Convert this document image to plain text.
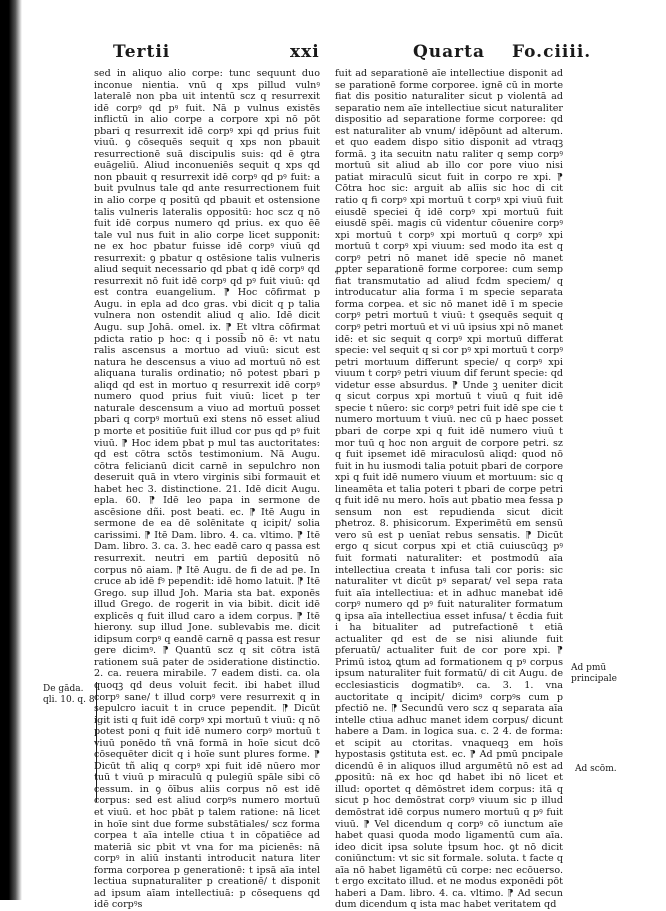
Tertii	xxi	Quarta Fo.ciiii.

sed in aliquo alio corpe: tunc sequunt duo inconue nientia. vnū q xps pillud vulnꝰ lateralē non pba uit intentū scz q resurrexit idē corpꝰ qd pꝰ fuit. Nā p vulnus existēs inflictū in alio corpe a corpore xpi nō pōt pbari q resurrexit idē corpꝰ xpi qd prius fuit viuū. ꝯ cōsequēs sequit q xps non pbauit resurrectionē suā discipulis suis: qd ē ꝯtra euāgeliū. Aliud inconueniēs sequit q xps qd non pbauit q resurrexit idē corpꝰ qd pꝰ fuit: a buit pvulnus tale qd ante resurrectionem fuit in alio corpe q positū qd pbauit et ostensione talis vulneris lateralis oppositū: hoc scz q nō fuit idē corpus numero qd prius. ex quo ēē tale vul nus fuit in alio corpe licet supponit: ne ex hoc pbatur fuisse idē corpꝰ viuū qd resurrexit: ꝯ pbatur q ostēsione talis vulneris aliud sequit necessario qd pbat q idē corpꝰ qd resurrexit nō fuit idē corpꝰ qd pꝰ fuit viuū: qd est contra euangelium. ⁋ Hoc cōfirmat p Augu. in epla ad dco gras. vbi dicit q p talia vulnera non ostendit aliud q alio. Idē dicit Augu. sup Johā. omel. ix. ⁋ Et vltra cōfirmat pdicta ratio p hoc: q i possib̄ nō ē: vt natu ralis ascensus a mortuo ad viuū: sicut est natura he descensus a viuo ad mortuū nō est aliquana turalis ordinatio; nō potest pbari p aliqd qd est in mortuo q resurrexit idē corpꝰ numero quod prius fuit viuū: licet p ter naturale descensum a viuo ad mortuū posset pbari q corpꝰ mortuū exi stens nō esset aliud p morte et positiūe fuit illud cor pus qd pꝰ fuit viuū. ⁋ Hoc idem pbat p mul tas auctoritates: qd est cōtra sctōs testimonium. Nā Augu. cōtra felicianū dicit carnē in sepulchro non deseruit quā in vtero virginis sibi formauit et habet hec 3. distinctione. 21. Idē dicit Augu. epla. 60. ⁋ Idē leo papa in sermone de ascēsione dñi. post beati. ec. ⁋ Itē Augu in sermone de ea dē solēnitate q icipit/ solia carissimi. ⁋ Itē Dam. libro. 4. ca. vltimo. ⁋ Itē Dam. libro. 3. ca. 3. hec eadē caro q passa est resurrexit. neutri em partiū depositū nō corpus nō aiam. ⁋ Itē Augu. de fi de ad pe. In cruce ab idē fꝰ pependit: idē homo latuit. ⁋ Itē Grego. sup illud Joh. Maria sta bat. exponēs illud Grego. de rogerit in via bibit. dicit idē explicēs q fuit illud caro a idem corpus. ⁋ Itē hierony. sup illud Jone. sublevabis me. dicit idipsum corpꝰ q eandē carnē q passa est resur gere dicimꝰ. ⁋ Quantū scz q sit cōtra istā rationem suā pater de ɔsideratione distinctio. 2. ca. reuera mirabile. 7 eadem disti. ca. ola quoqꝫ qd deus voluit fecit. ibi habet illud corpꝰ sane/ t illud corpꝰ vere resurrexit q in sepulcro iacuit t in cruce pependit. ⁋ Dicūt igit isti q fuit idē corpꝰ xpi mortuū t viuū: q nō potest poni q fuit idē numero corpꝰ mortuū t viuū ponēdo tñ vnā formā in hoīe sicut dcō cōsequēter dicit q i hoīe sunt plures forme. ⁋ Dicūt tñ aliq q corpꝰ xpi fuit idē nūero mor tuū t viuū p miraculū q pulegiū spāle sibi cō cessum. in ꝯ ōībus aliis corpus nō est idē corpus: sed est aliud corpꝰs numero mortuū et viuū. et hoc pbāt p talem ratione: nā licet in hoīe sint due forme substātiales/ scz forma corpea t aīa intelle ctiua t in cōpatiēce ad materiā sic pbit vt vna for ma picienēs: nā corpꝰ in aliū instanti introducit natura liter forma corporea p generationē: t ipsā aīa intel lectiua supnaturaliter p creationē/ t disponit ad ipsum aīam intellectiuā: p cōsequens qd idē corpꝰs

fuit ad separationē aīe intellectiue disponit ad se parationē forme corporee. ignē cū in morte fiat dis positio naturaliter sicut p violentā ad separatio nem aīe intellectiue sicut naturaliter dispositio ad separatione forme corporee: qd est naturaliter ab vnum/ idēpōunt ad alterum. et quo eadem dispo sitio disponit ad vtraqꝫ formā. ꝫ ita secuitn natu raliter q semp corpꝰ mortuū sit aliud ab illo cor pore viuo nisi patiat miraculū sicut fuit in corpo re xpi. ⁋ Cōtra hoc sic: arguit ab alīis sic hoc di cit ratio q fi corpꝰ xpi mortuū t corpꝰ xpi viuū fuit eiusdē speciei q̄ idē corpꝰ xpi mortuū fuit eiusdē spēi. magis cū videntur cōuenire corpꝰ xpi mortuū t corpꝰ xpi mortuū q corpꝰ xpi mortuū t corpꝰ xpi viuum: sed modo ita est q corpꝰ petri nō manet idē specie nō manet ꝓpter separationē forme corporee: cum semp fiat transmutatio ad aliud fcdm speciem/ q introducatur alia forma ī m specie separata forma corpea. et sic nō manet idē ī m specie corpꝰ petri mortuū t viuū: t ꝯsequēs sequit q corpꝰ petri mortuū et vi uū ipsius xpi nō manet idē: et sic sequit q corpꝰ xpi mortuū differat specie: vel sequit q si cor pꝰ xpi mortuū t corpꝰ petri mortuum differunt specie/ q corpꝰ xpi viuum t corpꝰ petri viuum dif ferunt specie: qd videtur esse absurdus. ⁋ Unde ꝫ ueniter dicit q sicut corpus xpi mortuū t viuū q fuit idē specie t nūero: sic corpꝰ petri fuit idē spe cie t numero mortuum t viuū. nec cū p haec posset pbari de corpe xpi q fuit idē numero viuū t mor tuū q hoc non arguit de corpore petri. sz q fuit ipsemet idē miraculosū aliqd: quod nō fuit in hu iusmodi talia potuit pbari de corpore xpi q fuit idē numero viuum et mortuum: sic q lineamēta et talia poteri t pbari de corpe petri q fuit idē nu mero. hoīs aut pbatio mea fessa p sensum non est repudienda sicut dicit pħetroz. 8. phisicorum. Experimētū em sensū vero sū est p uenīat rebus sensatis. ⁋ Dicūt ergo q sicut corpus xpi et ctiā cuiuscūqꝫ pꝰ fuit formati naturaliter: et postmodū aīa intellectiua creata t infusa tali cor poris: sic naturaliter vt dicūt pꝰ separat/ vel sepa rata fuit aīa intellectiua: et in adhuc manebat idē corpꝰ numero qd pꝰ fuit naturaliter formatum ꝗ ipsa aīa intellectiua esset infusa/ t ēcdia fuit i ha bitualiter ad putrefactionē t etiā actualiter qd est de se nisi aliunde fuit pferuatū/ actualiter fuit de cor pore xpi. ⁋ Primū istoꝝ ꝗtum ad formationem q pꝰ corpus ipsum naturaliter fuit formatū/ di cit Augu. de ecclesiasticis dogmatibꝰ. ca. 3. 1. vna auctoritate q incipit/ dicimꝰ corpꝰs cum p pfectiō ne. ⁋ Secundū vero scz q separata aīa intelle ctiua adhuc manet idem corpus/ dicunt habere a Dam. in logica sua. c. 2 4. de forma: et scipit au ctoritas. vnaqueqꝫ em hoīs hypostasis ꝯstituta est. ec. ⁋ Ad pmū pncipale dicendū ē in aliquos illud argumētū nō est ad ꝓpositū: nā ex hoc qd habet ibi nō licet et illud: oportet q dēmōstret idem corpus: itā q sicut p hoc demōstrat corpꝰ viuum sic p illud demōstrat idē corpus numero mortuū q pꝰ fuit viuū. ⁋ Vel dicendum q corpꝰ cō iunctum aīe habet quasi quoda modo ligamentū cum aīa. ideo dicit ipsa solute ṫpsum hoc. ꝯt nō dicit coniūnctum: vt sic sit formale. soluta. t facte q aīa nō habet ligamētū cū corpe: nec ecōuerso. t ergo excitato illud. et ne modus exponēdi pōt haberi a Dam. libro. 4. ca. vltimo. ⁋ Ad secun dum dicendum q ista mac habet veritatem qd

De gāda.
qli. 10. q. 8
Ad pmū
principale
Ad scōm.
